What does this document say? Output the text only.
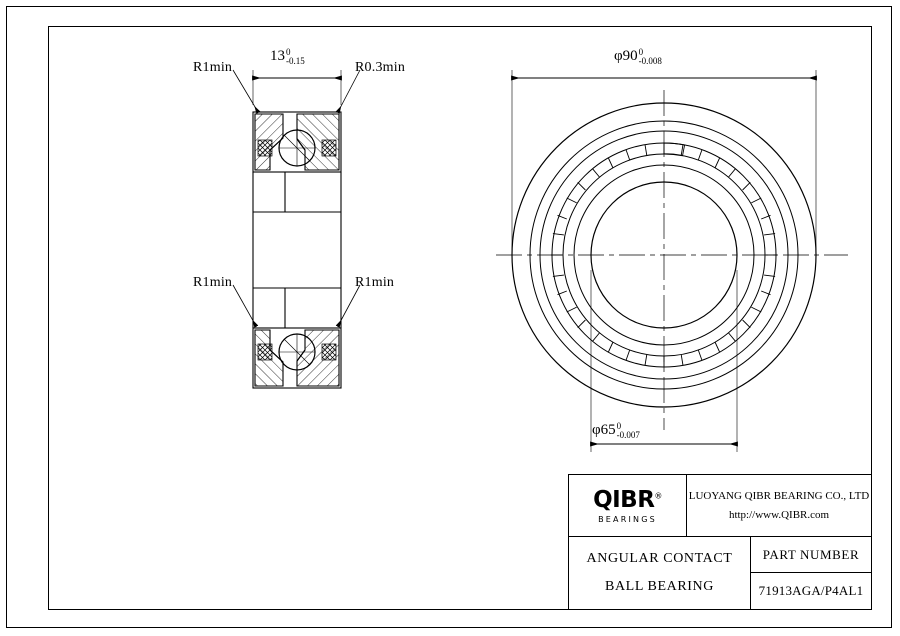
R1min	R0.3min
R1min	R1min
13 0
-0.15	φ90 0
-0.008
φ65 0
-0.007
QIBR®
BEARINGS
LUOYANG QIBR BEARING CO., LTD
http://www.QIBR.com
ANGULAR CONTACT
BALL BEARING
PART NUMBER
71913AGA/P4AL1
